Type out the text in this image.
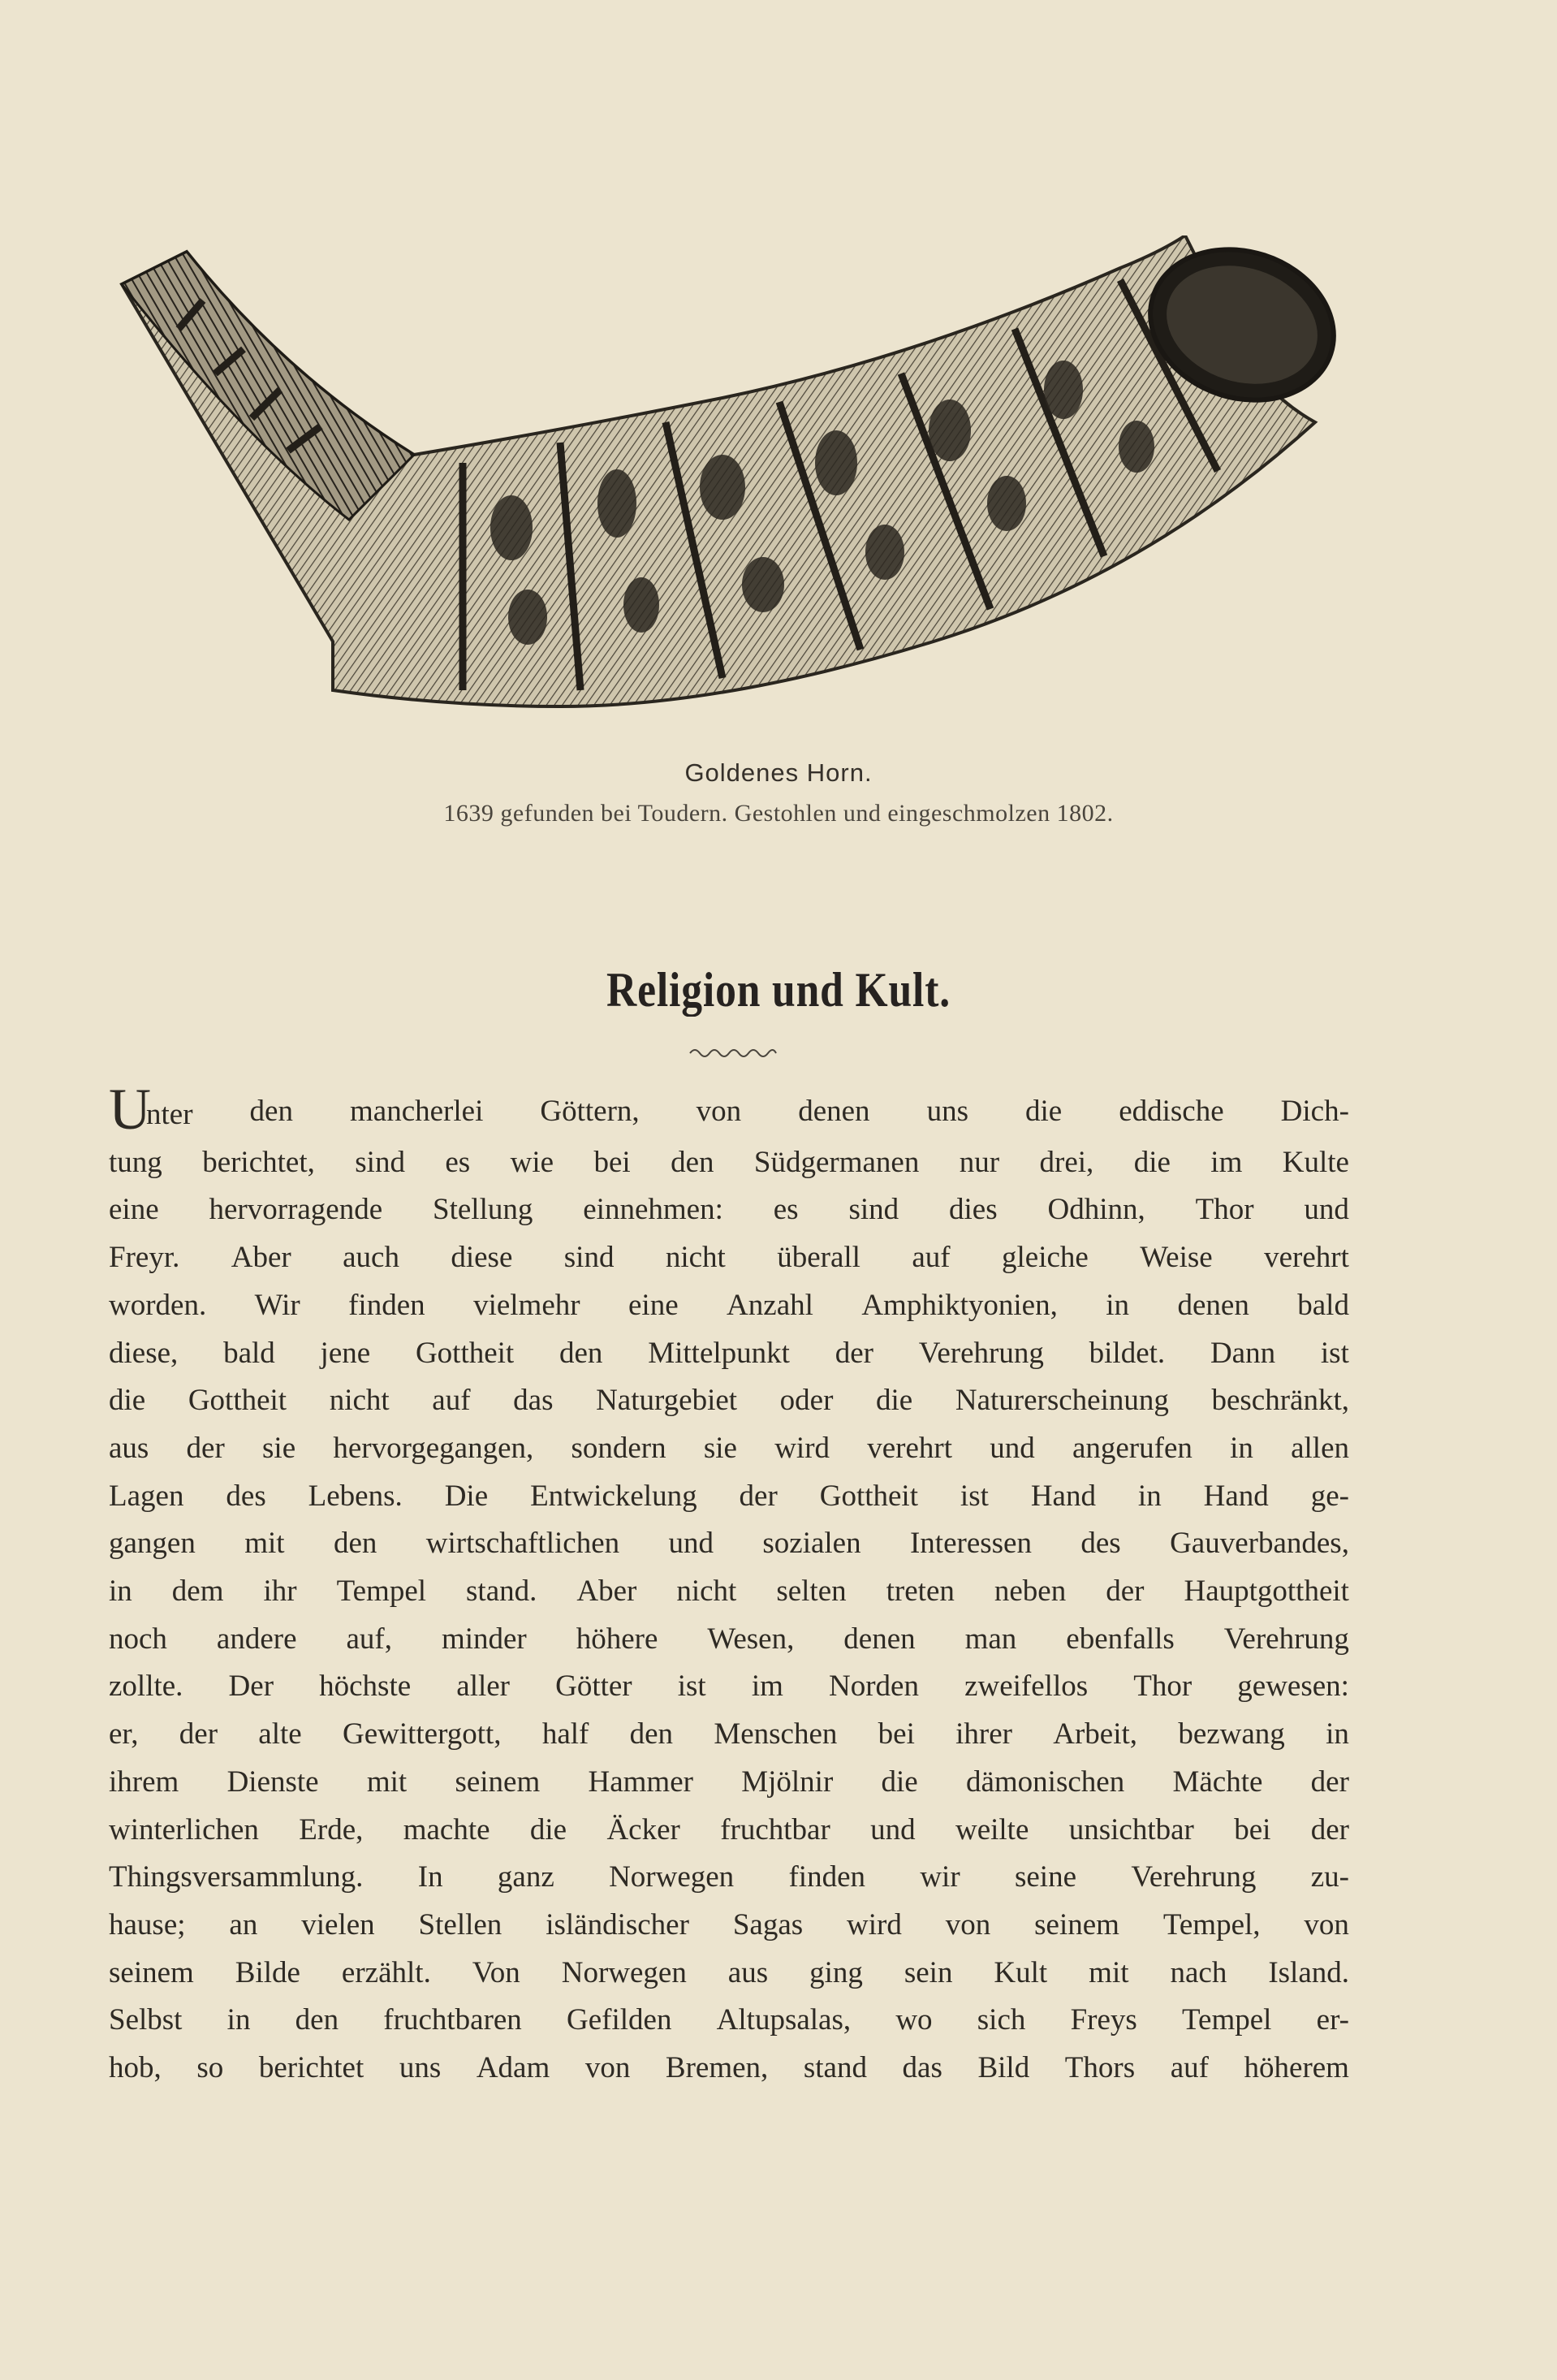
Goldenes Horn.
1639 gefunden bei Toudern. Gestohlen und eingeschmolzen 1802.
Religion und Kult.
Unter den mancherlei Göttern, von denen uns die eddische Dich-
tung berichtet, sind es wie bei den Südgermanen nur drei, die im Kulte
eine hervorragende Stellung einnehmen: es sind dies Odhinn, Thor und
Freyr. Aber auch diese sind nicht überall auf gleiche Weise verehrt
worden. Wir finden vielmehr eine Anzahl Amphiktyonien, in denen bald
diese, bald jene Gottheit den Mittelpunkt der Verehrung bildet. Dann ist
die Gottheit nicht auf das Naturgebiet oder die Naturerscheinung beschränkt,
aus der sie hervorgegangen, sondern sie wird verehrt und angerufen in allen
Lagen des Lebens. Die Entwickelung der Gottheit ist Hand in Hand ge-
gangen mit den wirtschaftlichen und sozialen Interessen des Gauverbandes,
in dem ihr Tempel stand. Aber nicht selten treten neben der Hauptgottheit
noch andere auf, minder höhere Wesen, denen man ebenfalls Verehrung
zollte. Der höchste aller Götter ist im Norden zweifellos Thor gewesen:
er, der alte Gewittergott, half den Menschen bei ihrer Arbeit, bezwang in
ihrem Dienste mit seinem Hammer Mjölnir die dämonischen Mächte der
winterlichen Erde, machte die Äcker fruchtbar und weilte unsichtbar bei der
Thingsversammlung. In ganz Norwegen finden wir seine Verehrung zu-
hause; an vielen Stellen isländischer Sagas wird von seinem Tempel, von
seinem Bilde erzählt. Von Norwegen aus ging sein Kult mit nach Island.
Selbst in den fruchtbaren Gefilden Altupsalas, wo sich Freys Tempel er-
hob, so berichtet uns Adam von Bremen, stand das Bild Thors auf höherem
